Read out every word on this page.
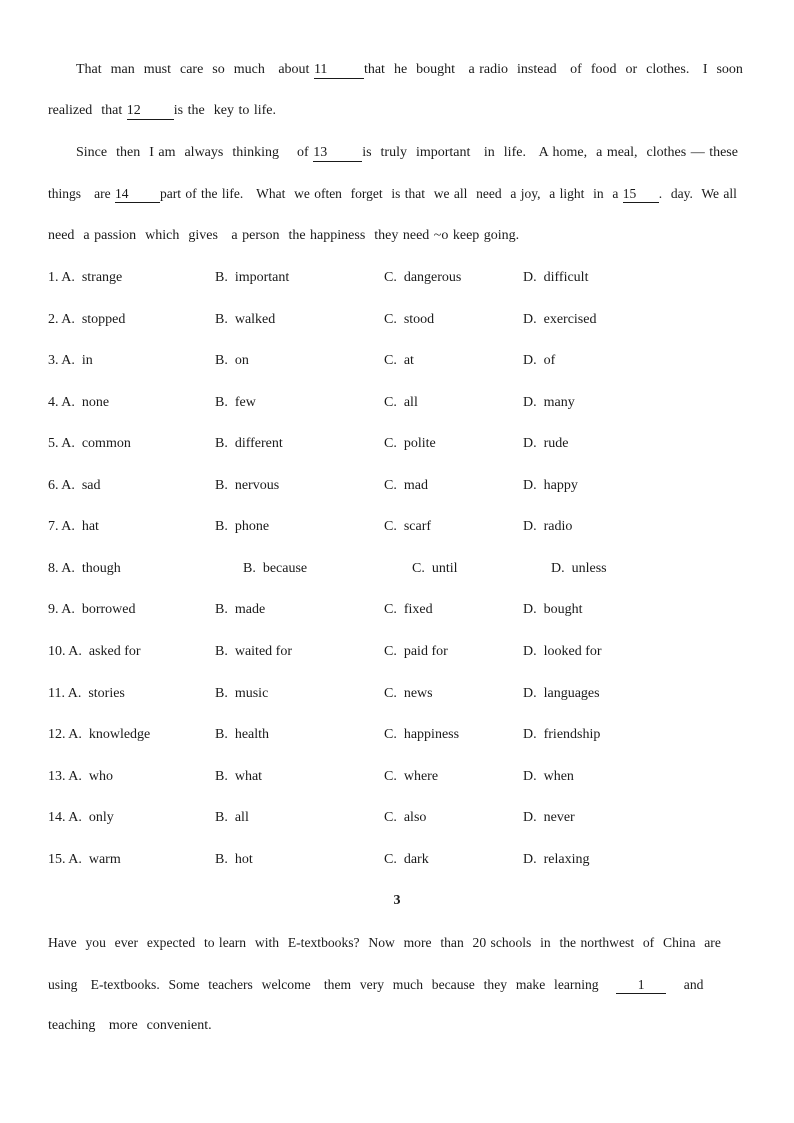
That  man  must  care  so  much   about 11	that  he  bought   a radio  instead   of  food  or  clothes.   I  soon
realized  that 12 is the  key to life.
Since  then  I am  always  thinking    of 13	is  truly  important   in  life.   A home,  a meal,  clothes — these
things   are 14 part of the life.   What  we often  forget  is that  we all  need  a joy,  a light  in  a 15 .  day.  We all
need  a passion  which  gives   a person  the happiness  they need ~o keep going.
1. A.  strange	B.  important	C.  dangerous	D.  difficult
2. A.  stopped	B.  walked	C.  stood	D.  exercised
3. A.  in	B.  on	C.  at	D.  of
4. A.  none	B.  few	C.  all	D.  many
5. A.  common	B.  different	C.  polite	D.  rude
6. A.  sad	B.  nervous	C.  mad	D.  happy
7. A.  hat	B.  phone	C.  scarf	D.  radio
8. A.  though	B.  because	C.  until	D.  unless
9. A.  borrowed	B.  made	C.  fixed	D.  bought
10. A.  asked for	B.  waited for	C.  paid for	D.  looked for
11. A.  stories	B.  music	C.  news	D.  languages
12. A.  knowledge	B.  health	C.  happiness	D.  friendship
13. A.  who	B.  what	C.  where	D.  when
14. A.  only	B.  all	C.  also	D.  never
15. A.  warm	B.  hot	C.  dark	D.  relaxing
3
Have  you  ever  expected  to learn  with  E-textbooks?  Now  more  than  20 schools  in  the northwest  of  China  are
using   E-textbooks.  Some  teachers  welcome   them  very  much  because  they  make  learning    1    and
teaching   more  convenient.
